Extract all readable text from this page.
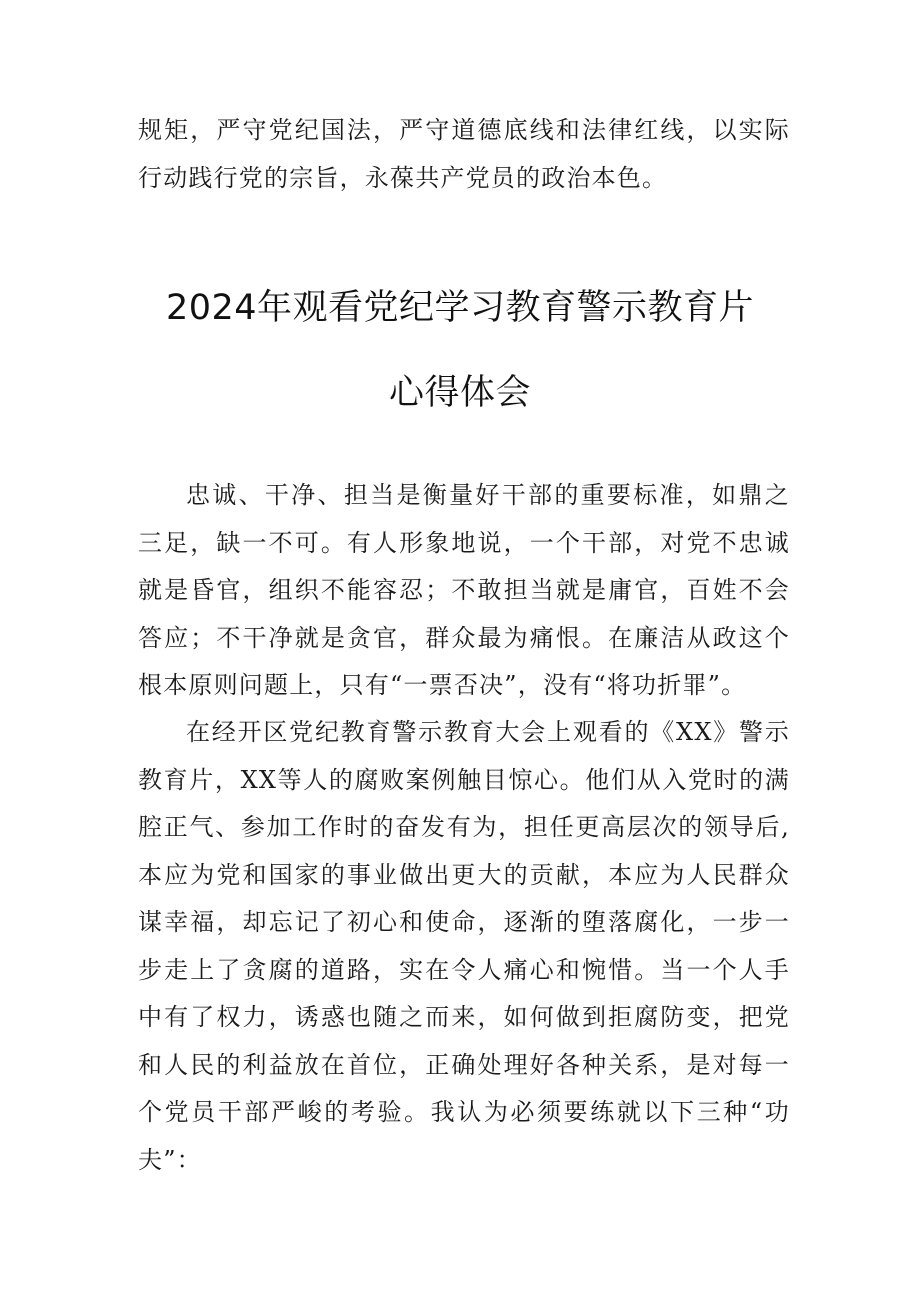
规矩，严守党纪国法，严守道德底线和法律红线，以实际行动践行党的宗旨，永葆共产党员的政治本色。

2024年观看党纪学习教育警示教育片
心得体会

忠诚、干净、担当是衡量好干部的重要标准，如鼎之三足，缺一不可。有人形象地说，一个干部，对党不忠诚就是昏官，组织不能容忍；不敢担当就是庸官，百姓不会答应；不干净就是贪官，群众最为痛恨。在廉洁从政这个根本原则问题上，只有“一票否决”，没有“将功折罪”。

在经开区党纪教育警示教育大会上观看的《XX》警示教育片，XX等人的腐败案例触目惊心。他们从入党时的满腔正气、参加工作时的奋发有为，担任更高层次的领导后,本应为党和国家的事业做出更大的贡献，本应为人民群众谋幸福，却忘记了初心和使命，逐渐的堕落腐化，一步一步走上了贪腐的道路，实在令人痛心和惋惜。当一个人手中有了权力，诱惑也随之而来，如何做到拒腐防变，把党和人民的利益放在首位，正确处理好各种关系，是对每一个党员干部严峻的考验。我认为必须要练就以下三种“功夫”：
